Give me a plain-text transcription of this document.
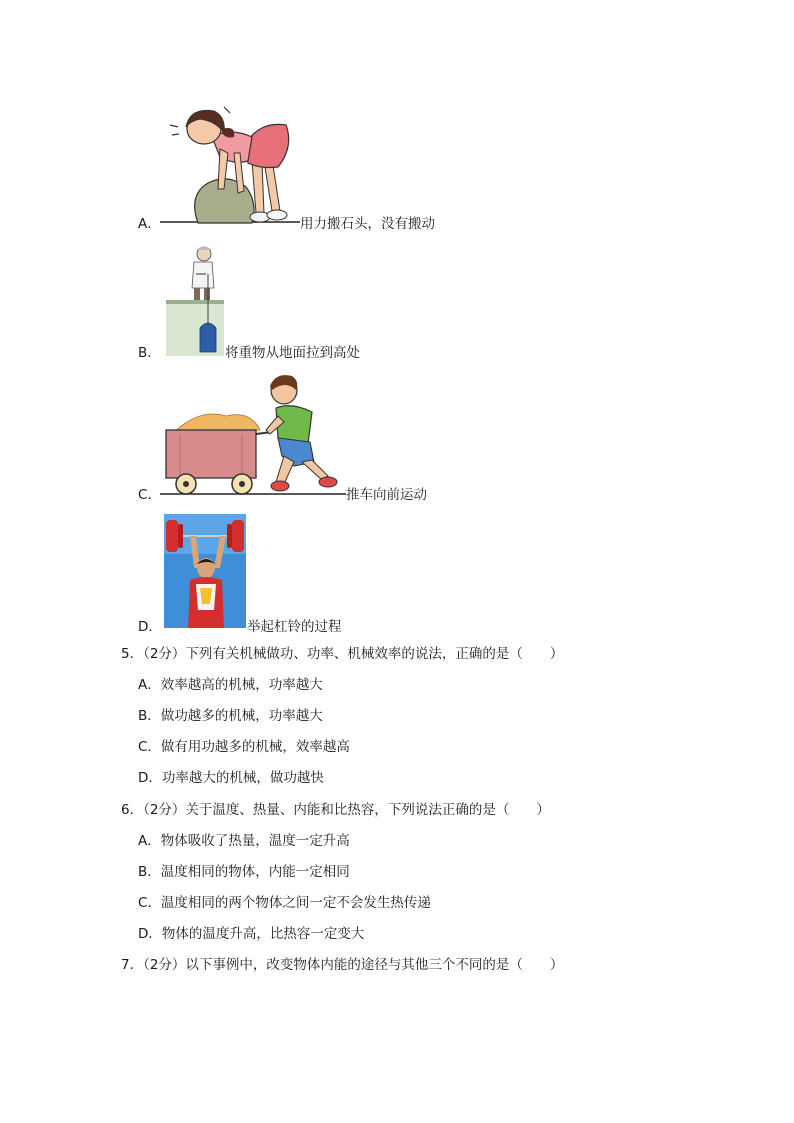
A．	用力搬石头，没有搬动
B．	将重物从地面拉到高处
C．	推车向前运动
D．	举起杠铃的过程
5．（2分）下列有关机械做功、功率、机械效率的说法，正确的是（　　）
A．效率越高的机械，功率越大
B．做功越多的机械，功率越大
C．做有用功越多的机械，效率越高
D．功率越大的机械，做功越快
6．（2分）关于温度、热量、内能和比热容，下列说法正确的是（　　）
A．物体吸收了热量，温度一定升高
B．温度相同的物体，内能一定相同
C．温度相同的两个物体之间一定不会发生热传递
D．物体的温度升高，比热容一定变大
7．（2分）以下事例中，改变物体内能的途径与其他三个不同的是（　　）
